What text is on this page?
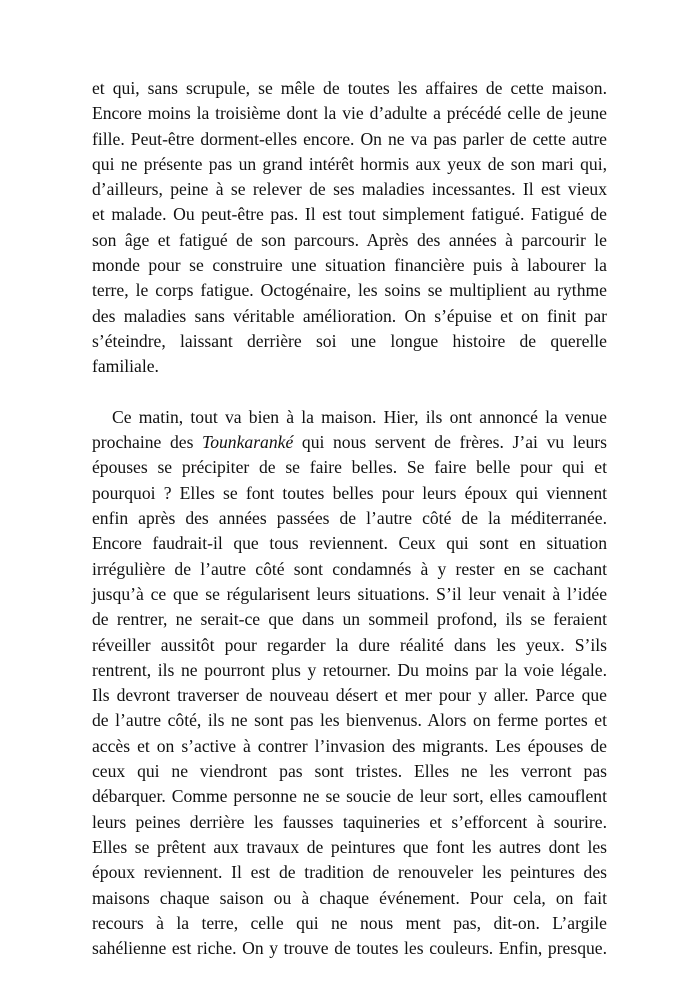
et qui, sans scrupule, se mêle de toutes les affaires de cette maison.
Encore moins la troisième dont la vie d’adulte a précédé celle de jeune
fille. Peut-être dorment-elles encore. On ne va pas parler de cette autre
qui ne présente pas un grand intérêt hormis aux yeux de son mari qui,
d’ailleurs, peine à se relever de ses maladies incessantes. Il est vieux
et malade. Ou peut-être pas. Il est tout simplement fatigué. Fatigué de
son âge et fatigué de son parcours. Après des années à parcourir le
monde pour se construire une situation financière puis à labourer la
terre, le corps fatigue. Octogénaire, les soins se multiplient au rythme
des maladies sans véritable amélioration. On s’épuise et on finit par
s’éteindre, laissant derrière soi une longue histoire de querelle
familiale.

Ce matin, tout va bien à la maison. Hier, ils ont annoncé la venue
prochaine des Tounkaranké qui nous servent de frères. J’ai vu leurs
épouses se précipiter de se faire belles. Se faire belle pour qui et
pourquoi ? Elles se font toutes belles pour leurs époux qui viennent
enfin après des années passées de l’autre côté de la méditerranée.
Encore faudrait-il que tous reviennent. Ceux qui sont en situation
irrégulière de l’autre côté sont condamnés à y rester en se cachant
jusqu’à ce que se régularisent leurs situations. S’il leur venait à l’idée
de rentrer, ne serait-ce que dans un sommeil profond, ils se feraient
réveiller aussitôt pour regarder la dure réalité dans les yeux. S’ils
rentrent, ils ne pourront plus y retourner. Du moins par la voie légale.
Ils devront traverser de nouveau désert et mer pour y aller. Parce que
de l’autre côté, ils ne sont pas les bienvenus. Alors on ferme portes et
accès et on s’active à contrer l’invasion des migrants. Les épouses de
ceux qui ne viendront pas sont tristes. Elles ne les verront pas
débarquer. Comme personne ne se soucie de leur sort, elles camouflent
leurs peines derrière les fausses taquineries et s’efforcent à sourire.
Elles se prêtent aux travaux de peintures que font les autres dont les
époux reviennent. Il est de tradition de renouveler les peintures des
maisons chaque saison ou à chaque événement. Pour cela, on fait
recours à la terre, celle qui ne nous ment pas, dit-on. L’argile
sahélienne est riche. On y trouve de toutes les couleurs. Enfin, presque.
